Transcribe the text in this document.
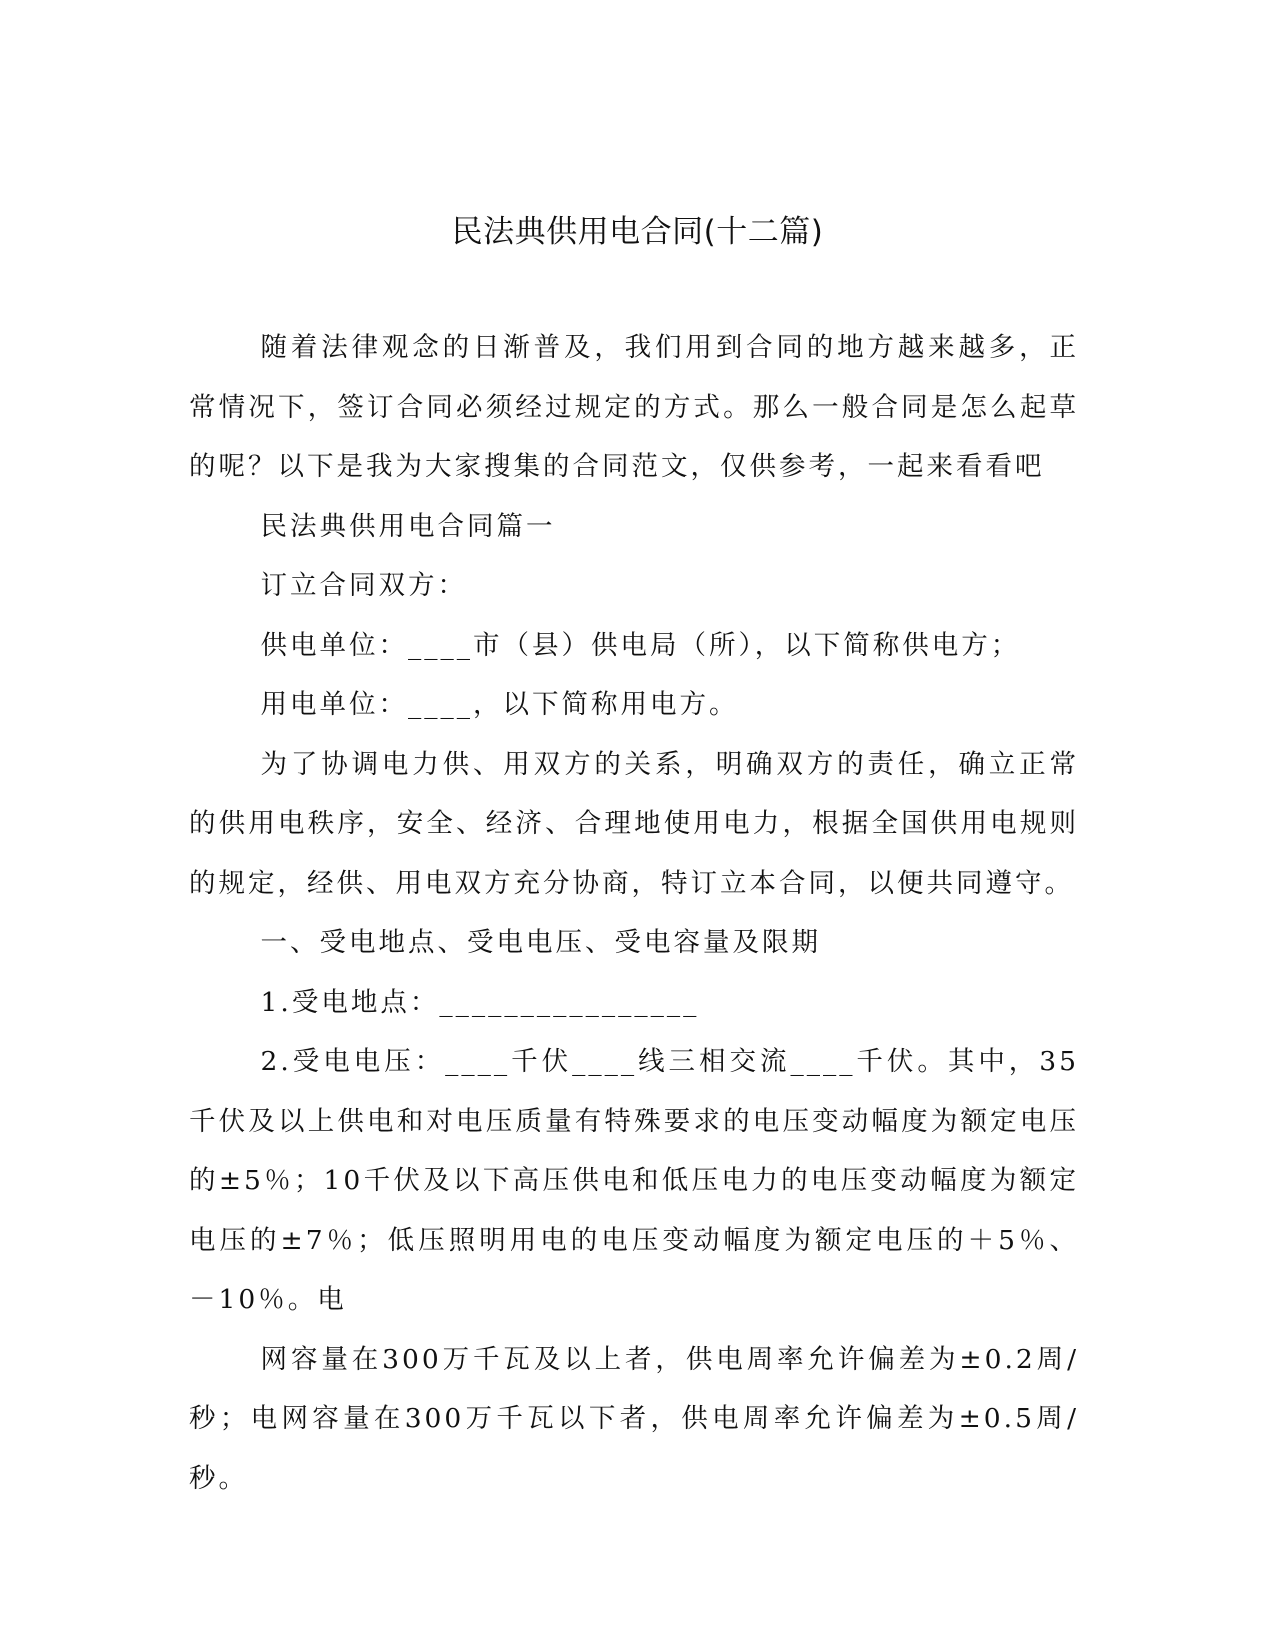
民法典供用电合同(十二篇)

随着法律观念的日渐普及，我们用到合同的地方越来越多，正常情况下，签订合同必须经过规定的方式。那么一般合同是怎么起草的呢？以下是我为大家搜集的合同范文，仅供参考，一起来看看吧

民法典供用电合同篇一

订立合同双方：

供电单位：____市（县）供电局（所），以下简称供电方；

用电单位：____，以下简称用电方。

为了协调电力供、用双方的关系，明确双方的责任，确立正常的供用电秩序，安全、经济、合理地使用电力，根据全国供用电规则的规定，经供、用电双方充分协商，特订立本合同，以便共同遵守。

一、受电地点、受电电压、受电容量及限期

1.受电地点：________________

2.受电电压：____千伏____线三相交流____千伏。其中，35千伏及以上供电和对电压质量有特殊要求的电压变动幅度为额定电压的±5％；10千伏及以下高压供电和低压电力的电压变动幅度为额定电压的±7％；低压照明用电的电压变动幅度为额定电压的＋5％、－10％。电

网容量在300万千瓦及以上者，供电周率允许偏差为±0.2周/秒；电网容量在300万千瓦以下者，供电周率允许偏差为±0.5周/秒。
